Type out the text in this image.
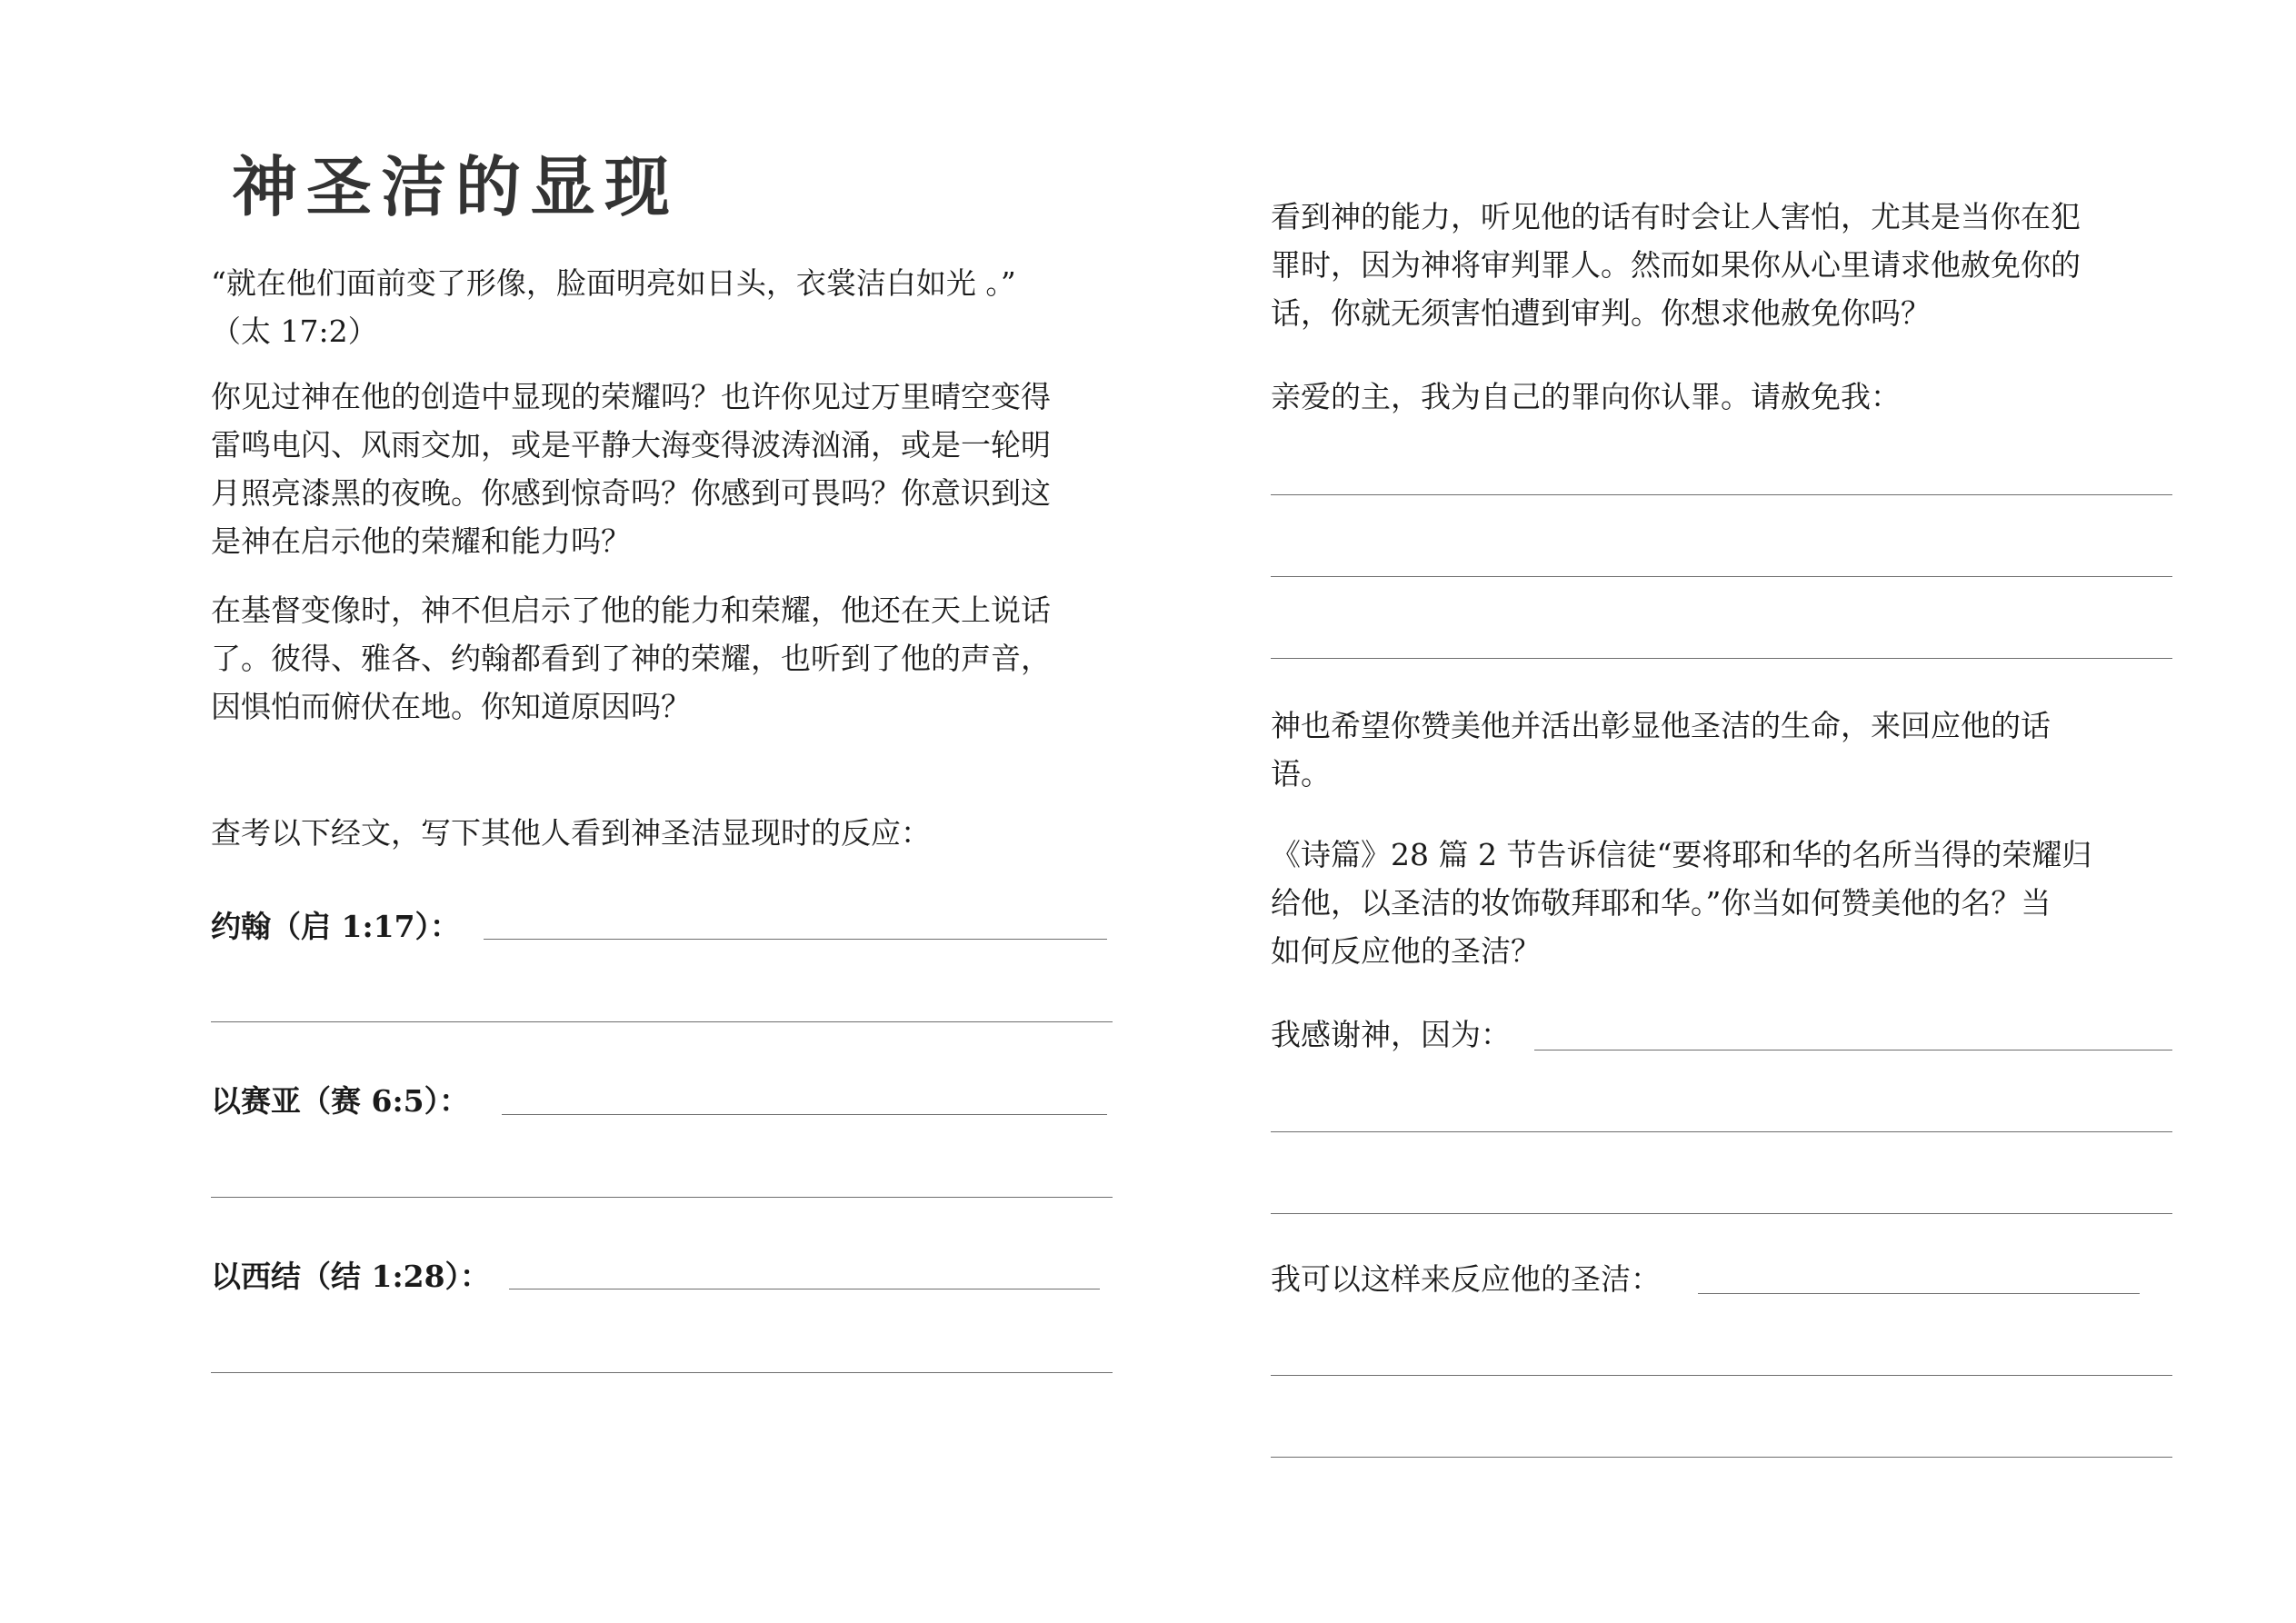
神圣洁的显现
“就在他们面前变了形像，脸面明亮如日头，衣裳洁白如光 。”
（太 17:2）
你见过神在他的创造中显现的荣耀吗？也许你见过万里晴空变得
雷鸣电闪、风雨交加，或是平静大海变得波涛汹涌，或是一轮明
月照亮漆黑的夜晚。你感到惊奇吗？你感到可畏吗？你意识到这
是神在启示他的荣耀和能力吗？
在基督变像时，神不但启示了他的能力和荣耀，他还在天上说话
了。彼得、雅各、约翰都看到了神的荣耀，也听到了他的声音，
因惧怕而俯伏在地。你知道原因吗？
查考以下经文，写下其他人看到神圣洁显现时的反应：
约翰（启 1:17）：
以赛亚（赛 6:5）：
以西结（结 1:28）：
看到神的能力，听见他的话有时会让人害怕，尤其是当你在犯
罪时，因为神将审判罪人。然而如果你从心里请求他赦免你的
话，你就无须害怕遭到审判。你想求他赦免你吗？
亲爱的主，我为自己的罪向你认罪。请赦免我：
神也希望你赞美他并活出彰显他圣洁的生命，来回应他的话
语。
《诗篇》28 篇 2 节告诉信徒“要将耶和华的名所当得的荣耀归
给他，以圣洁的妆饰敬拜耶和华。”你当如何赞美他的名？当
如何反应他的圣洁？
我感谢神，因为：
我可以这样来反应他的圣洁：
